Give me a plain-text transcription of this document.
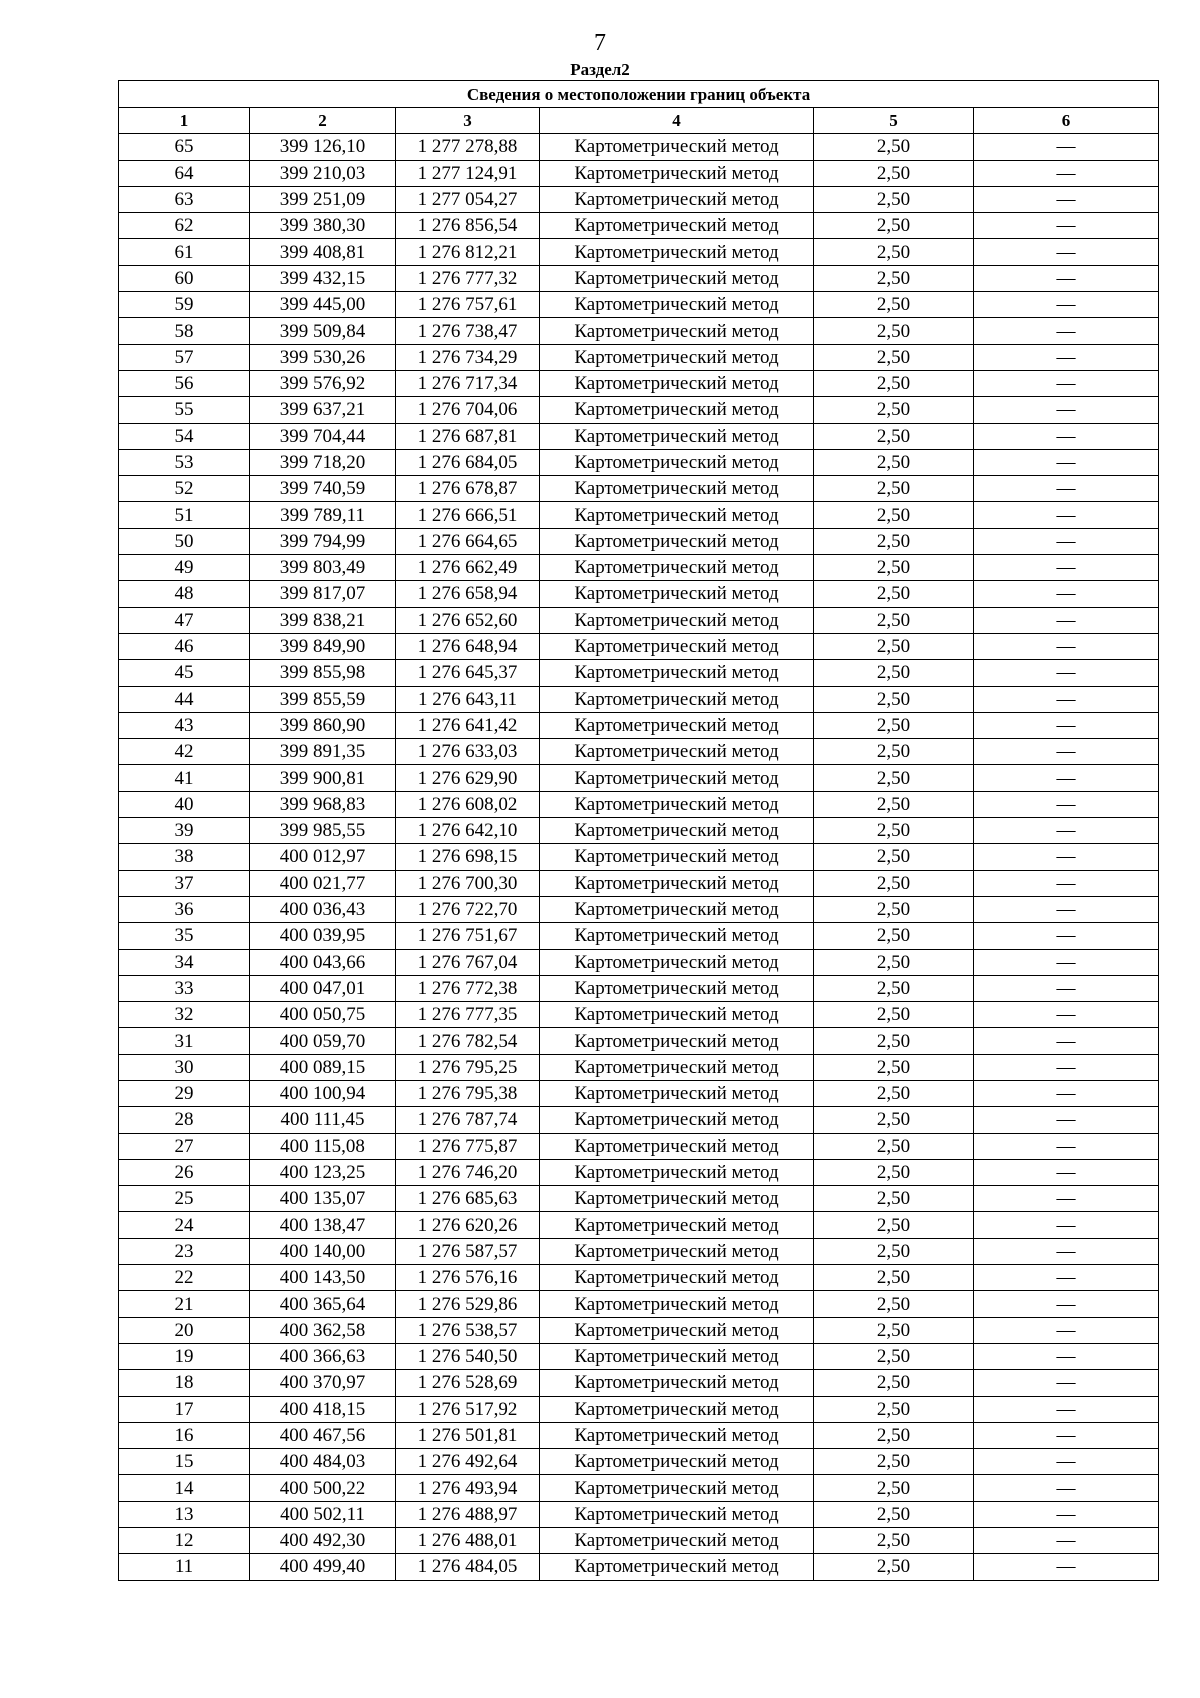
7
Раздел2
Сведения о местоположении границ объекта					
1	2	3	4	5	6
65	399 126,10	1 277 278,88	Картометрический метод	2,50	—
64	399 210,03	1 277 124,91	Картометрический метод	2,50	—
63	399 251,09	1 277 054,27	Картометрический метод	2,50	—
62	399 380,30	1 276 856,54	Картометрический метод	2,50	—
61	399 408,81	1 276 812,21	Картометрический метод	2,50	—
60	399 432,15	1 276 777,32	Картометрический метод	2,50	—
59	399 445,00	1 276 757,61	Картометрический метод	2,50	—
58	399 509,84	1 276 738,47	Картометрический метод	2,50	—
57	399 530,26	1 276 734,29	Картометрический метод	2,50	—
56	399 576,92	1 276 717,34	Картометрический метод	2,50	—
55	399 637,21	1 276 704,06	Картометрический метод	2,50	—
54	399 704,44	1 276 687,81	Картометрический метод	2,50	—
53	399 718,20	1 276 684,05	Картометрический метод	2,50	—
52	399 740,59	1 276 678,87	Картометрический метод	2,50	—
51	399 789,11	1 276 666,51	Картометрический метод	2,50	—
50	399 794,99	1 276 664,65	Картометрический метод	2,50	—
49	399 803,49	1 276 662,49	Картометрический метод	2,50	—
48	399 817,07	1 276 658,94	Картометрический метод	2,50	—
47	399 838,21	1 276 652,60	Картометрический метод	2,50	—
46	399 849,90	1 276 648,94	Картометрический метод	2,50	—
45	399 855,98	1 276 645,37	Картометрический метод	2,50	—
44	399 855,59	1 276 643,11	Картометрический метод	2,50	—
43	399 860,90	1 276 641,42	Картометрический метод	2,50	—
42	399 891,35	1 276 633,03	Картометрический метод	2,50	—
41	399 900,81	1 276 629,90	Картометрический метод	2,50	—
40	399 968,83	1 276 608,02	Картометрический метод	2,50	—
39	399 985,55	1 276 642,10	Картометрический метод	2,50	—
38	400 012,97	1 276 698,15	Картометрический метод	2,50	—
37	400 021,77	1 276 700,30	Картометрический метод	2,50	—
36	400 036,43	1 276 722,70	Картометрический метод	2,50	—
35	400 039,95	1 276 751,67	Картометрический метод	2,50	—
34	400 043,66	1 276 767,04	Картометрический метод	2,50	—
33	400 047,01	1 276 772,38	Картометрический метод	2,50	—
32	400 050,75	1 276 777,35	Картометрический метод	2,50	—
31	400 059,70	1 276 782,54	Картометрический метод	2,50	—
30	400 089,15	1 276 795,25	Картометрический метод	2,50	—
29	400 100,94	1 276 795,38	Картометрический метод	2,50	—
28	400 111,45	1 276 787,74	Картометрический метод	2,50	—
27	400 115,08	1 276 775,87	Картометрический метод	2,50	—
26	400 123,25	1 276 746,20	Картометрический метод	2,50	—
25	400 135,07	1 276 685,63	Картометрический метод	2,50	—
24	400 138,47	1 276 620,26	Картометрический метод	2,50	—
23	400 140,00	1 276 587,57	Картометрический метод	2,50	—
22	400 143,50	1 276 576,16	Картометрический метод	2,50	—
21	400 365,64	1 276 529,86	Картометрический метод	2,50	—
20	400 362,58	1 276 538,57	Картометрический метод	2,50	—
19	400 366,63	1 276 540,50	Картометрический метод	2,50	—
18	400 370,97	1 276 528,69	Картометрический метод	2,50	—
17	400 418,15	1 276 517,92	Картометрический метод	2,50	—
16	400 467,56	1 276 501,81	Картометрический метод	2,50	—
15	400 484,03	1 276 492,64	Картометрический метод	2,50	—
14	400 500,22	1 276 493,94	Картометрический метод	2,50	—
13	400 502,11	1 276 488,97	Картометрический метод	2,50	—
12	400 492,30	1 276 488,01	Картометрический метод	2,50	—
11	400 499,40	1 276 484,05	Картометрический метод	2,50	—
